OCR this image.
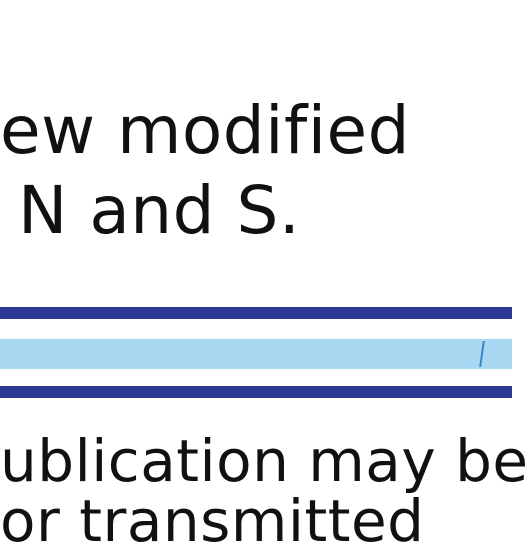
ew modified
N and S.
ublication may be
or transmitted
